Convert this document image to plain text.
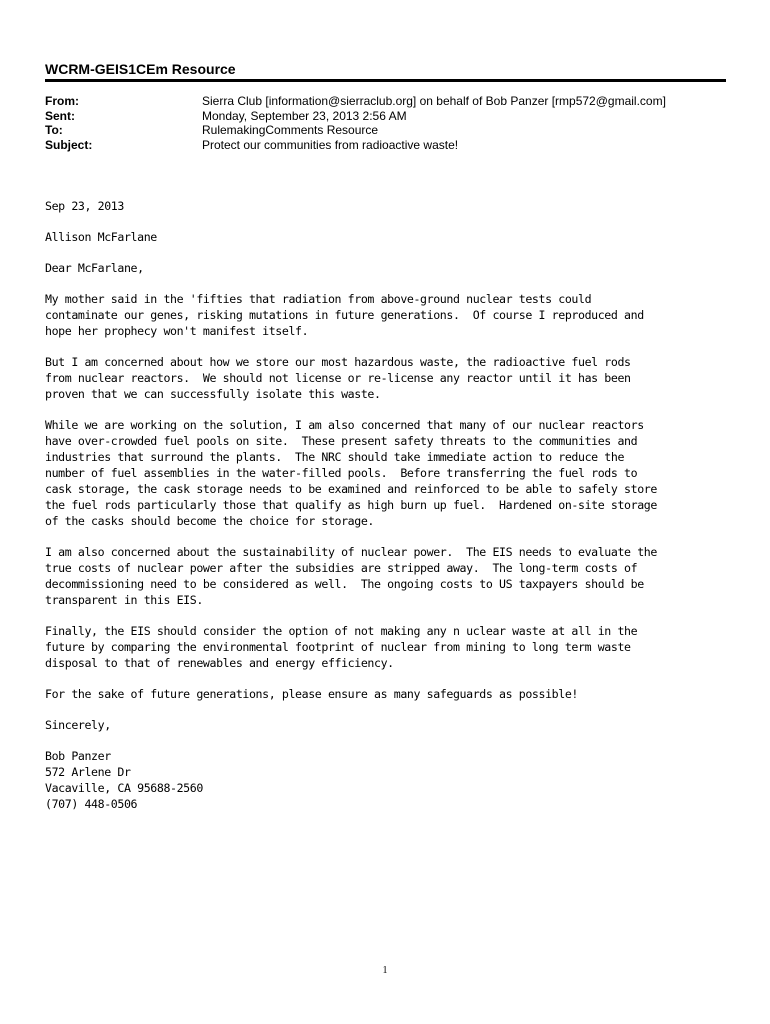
WCRM-GEIS1CEm Resource
From:	Sierra Club [information@sierraclub.org] on behalf of Bob Panzer [rmp572@gmail.com]
Sent:	Monday, September 23, 2013 2:56 AM
To:	RulemakingComments Resource
Subject:	Protect our communities from radioactive waste!

Sep 23, 2013

Allison McFarlane

Dear McFarlane,

My mother said in the 'fifties that radiation from above-ground nuclear tests could
contaminate our genes, risking mutations in future generations.  Of course I reproduced and
hope her prophecy won't manifest itself.

But I am concerned about how we store our most hazardous waste, the radioactive fuel rods
from nuclear reactors.  We should not license or re-license any reactor until it has been
proven that we can successfully isolate this waste.

While we are working on the solution, I am also concerned that many of our nuclear reactors
have over-crowded fuel pools on site.  These present safety threats to the communities and
industries that surround the plants.  The NRC should take immediate action to reduce the
number of fuel assemblies in the water-filled pools.  Before transferring the fuel rods to
cask storage, the cask storage needs to be examined and reinforced to be able to safely store
the fuel rods particularly those that qualify as high burn up fuel.  Hardened on-site storage
of the casks should become the choice for storage.

I am also concerned about the sustainability of nuclear power.  The EIS needs to evaluate the
true costs of nuclear power after the subsidies are stripped away.  The long-term costs of
decommissioning need to be considered as well.  The ongoing costs to US taxpayers should be
transparent in this EIS.

Finally, the EIS should consider the option of not making any n uclear waste at all in the
future by comparing the environmental footprint of nuclear from mining to long term waste
disposal to that of renewables and energy efficiency.

For the sake of future generations, please ensure as many safeguards as possible!

Sincerely,

Bob Panzer
572 Arlene Dr
Vacaville, CA 95688-2560
(707) 448-0506
1
